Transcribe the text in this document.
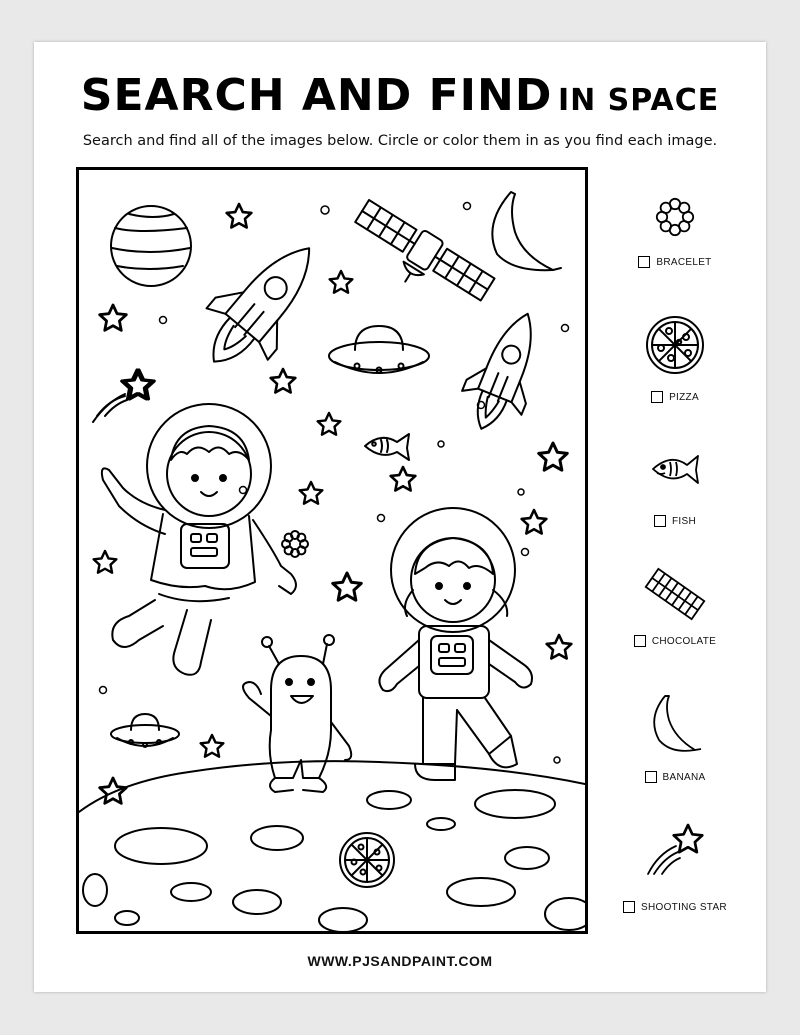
SEARCH AND FIND IN SPACE
Search and find all of the images below. Circle or color them in as you find each image.
BRACELET
PIZZA
FISH
CHOCOLATE
BANANA
SHOOTING STAR
WWW.PJSANDPAINT.COM
